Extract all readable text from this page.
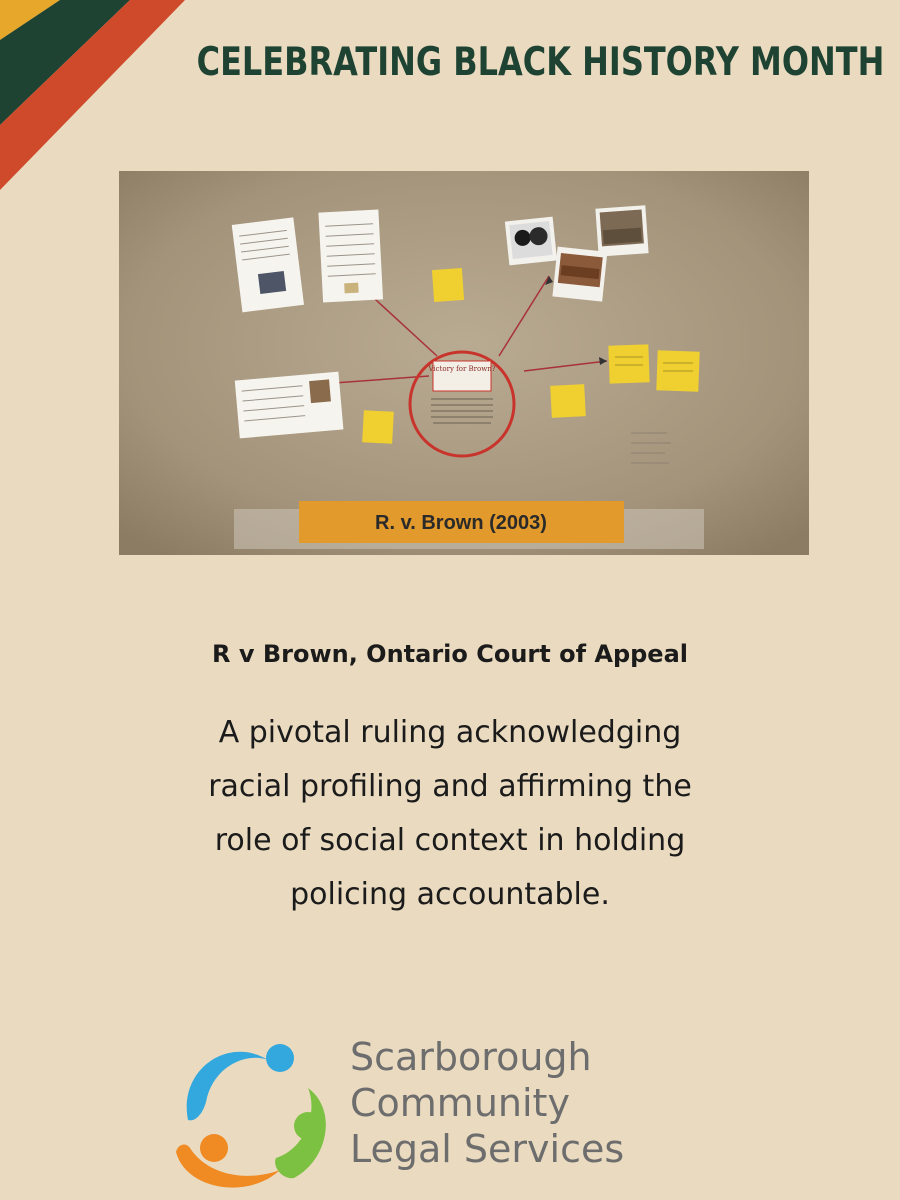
CELEBRATING BLACK HISTORY MONTH
Victory for Brown?
R. v. Brown (2003)
R v Brown, Ontario Court of Appeal
A pivotal ruling acknowledging
racial profiling and affirming the
role of social context in holding
policing accountable.
Scarborough
Community
Legal Services
